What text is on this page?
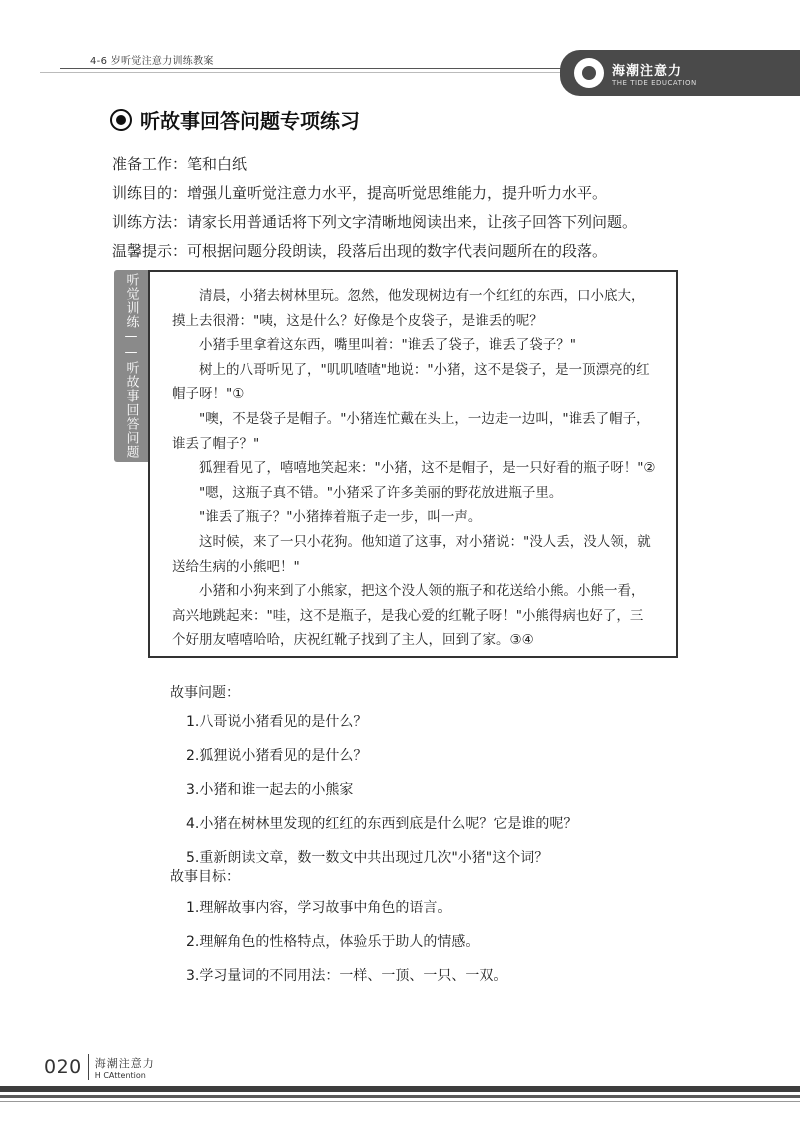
4-6 岁听觉注意力训练教案
海潮注意力
THE TIDE EDUCATION
听故事回答问题专项练习
准备工作：笔和白纸
训练目的：增强儿童听觉注意力水平，提高听觉思维能力，提升听力水平。
训练方法：请家长用普通话将下列文字清晰地阅读出来，让孩子回答下列问题。
温馨提示：可根据问题分段朗读，段落后出现的数字代表问题所在的段落。
听觉训练——听故事回答问题	清晨，小猪去树林里玩。忽然，他发现树边有一个红红的东西，口小底大，摸上去很滑："咦，这是什么？好像是个皮袋子，是谁丢的呢？

小猪手里拿着这东西，嘴里叫着："谁丢了袋子，谁丢了袋子？"

树上的八哥听见了，"叽叽喳喳"地说："小猪，这不是袋子，是一顶漂亮的红帽子呀！"①

"噢，不是袋子是帽子。"小猪连忙戴在头上，一边走一边叫，"谁丢了帽子，谁丢了帽子？"

狐狸看见了，嘻嘻地笑起来："小猪，这不是帽子，是一只好看的瓶子呀！"②

"嗯，这瓶子真不错。"小猪采了许多美丽的野花放进瓶子里。

"谁丢了瓶子？"小猪捧着瓶子走一步，叫一声。

这时候，来了一只小花狗。他知道了这事，对小猪说："没人丢，没人领，就送给生病的小熊吧！"

小猪和小狗来到了小熊家，把这个没人领的瓶子和花送给小熊。小熊一看，高兴地跳起来："哇，这不是瓶子，是我心爱的红靴子呀！"小熊得病也好了，三个好朋友嘻嘻哈哈，庆祝红靴子找到了主人，回到了家。③④

故事问题：
1.八哥说小猪看见的是什么？
2.狐狸说小猪看见的是什么？
3.小猪和谁一起去的小熊家
4.小猪在树林里发现的红红的东西到底是什么呢？它是谁的呢？
5.重新朗读文章，数一数文中共出现过几次"小猪"这个词？
故事目标：
1.理解故事内容，学习故事中角色的语言。
2.理解角色的性格特点，体验乐于助人的情感。
3.学习量词的不同用法：一样、一顶、一只、一双。
020 海潮注意力
H CAttention
